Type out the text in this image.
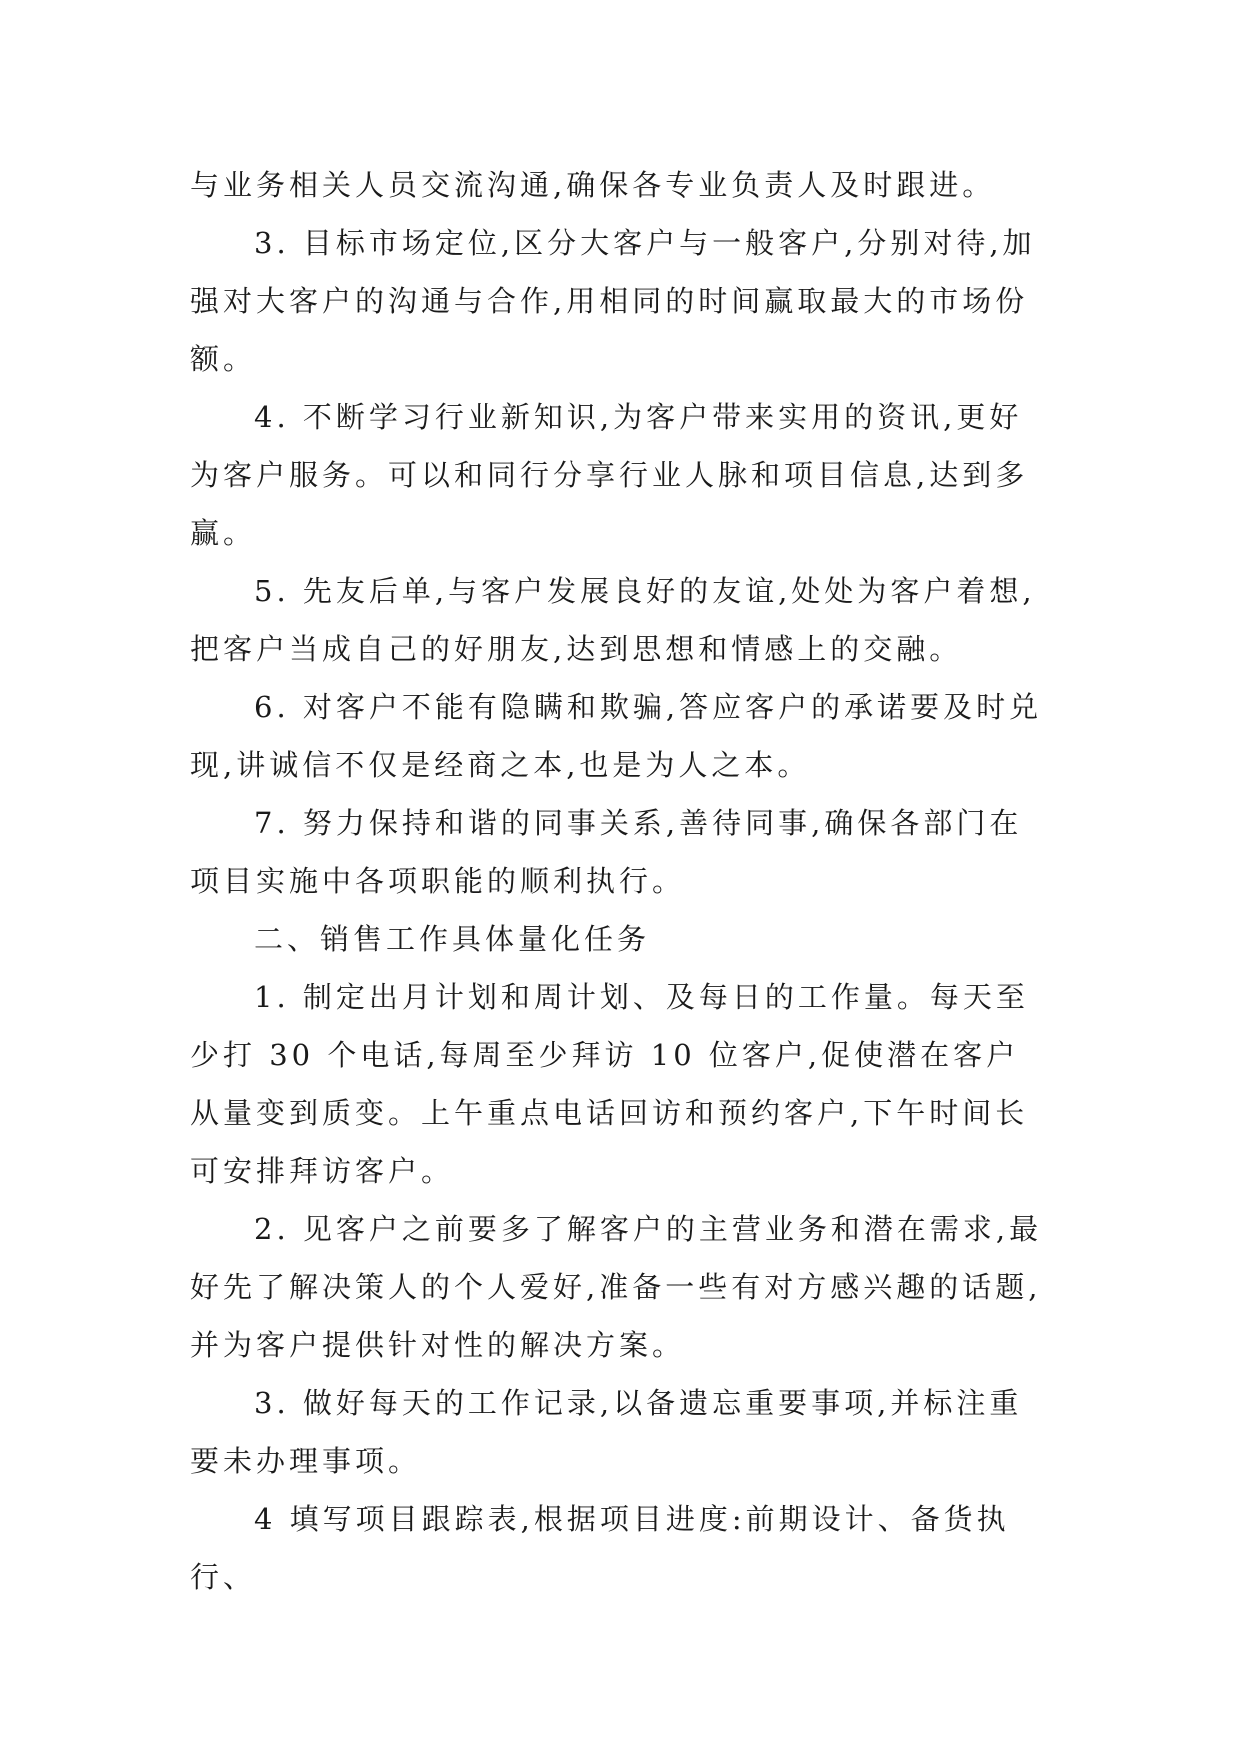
与业务相关人员交流沟通,确保各专业负责人及时跟进。

3. 目标市场定位,区分大客户与一般客户,分别对待,加强对大客户的沟通与合作,用相同的时间赢取最大的市场份额。

4. 不断学习行业新知识,为客户带来实用的资讯,更好为客户服务。可以和同行分享行业人脉和项目信息,达到多赢。

5. 先友后单,与客户发展良好的友谊,处处为客户着想,把客户当成自己的好朋友,达到思想和情感上的交融。

6. 对客户不能有隐瞒和欺骗,答应客户的承诺要及时兑现,讲诚信不仅是经商之本,也是为人之本。

7. 努力保持和谐的同事关系,善待同事,确保各部门在项目实施中各项职能的顺利执行。

二、销售工作具体量化任务

1. 制定出月计划和周计划、及每日的工作量。每天至少打 30 个电话,每周至少拜访 10 位客户,促使潜在客户从量变到质变。上午重点电话回访和预约客户,下午时间长可安排拜访客户。

2. 见客户之前要多了解客户的主营业务和潜在需求,最好先了解决策人的个人爱好,准备一些有对方感兴趣的话题,并为客户提供针对性的解决方案。

3. 做好每天的工作记录,以备遗忘重要事项,并标注重要未办理事项。

4 填写项目跟踪表,根据项目进度:前期设计、备货执行、
